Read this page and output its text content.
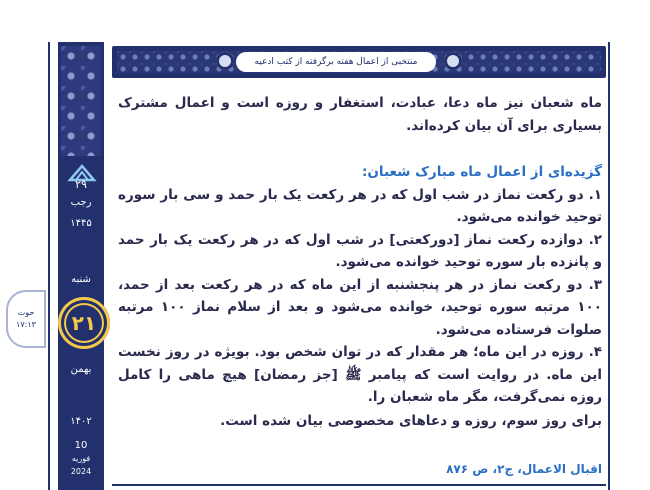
منتخبی از اعمال هفته برگرفته از کتب ادعیه
۲۹
رجب
۱۴۴۵
شنبه
بهمن
۱۴۰۲
10
فوریه
2024
حوت
۱۷:۱۳ ۲۱

ماه شعبان نیز ماه دعا، عبادت، استغفار و روزه است و اعمال مشترک بسیاری برای آن بیان کرده‌اند.

گزیده‌ای از اعمال ماه مبارک شعبان:

۱. دو رکعت نماز در شب اول که در هر رکعت یک بار حمد و سی بار سوره توحید خوانده می‌شود.

۲. دوازده رکعت نماز [دورکعتی] در شب اول که در هر رکعت یک بار حمد و پانزده بار سوره توحید خوانده می‌شود.

۳. دو رکعت نماز در هر پنجشنبه از این ماه که در هر رکعت بعد از حمد، ۱۰۰ مرتبه سوره توحید، خوانده می‌شود و بعد از سلام نماز ۱۰۰ مرتبه صلوات فرستاده می‌شود.

۴. روزه در این ماه؛ هر مقدار که در توان شخص بود. بویژه در روز نخست این ماه. در روایت است که پیامبر ﷺ [جز رمضان] هیچ ماهی را کامل روزه نمی‌گرفت، مگر ماه شعبان را.

برای روز سوم، روزه و دعاهای مخصوصی بیان شده است.

اقبال الاعمال، ج۲، ص ۸۷۶
